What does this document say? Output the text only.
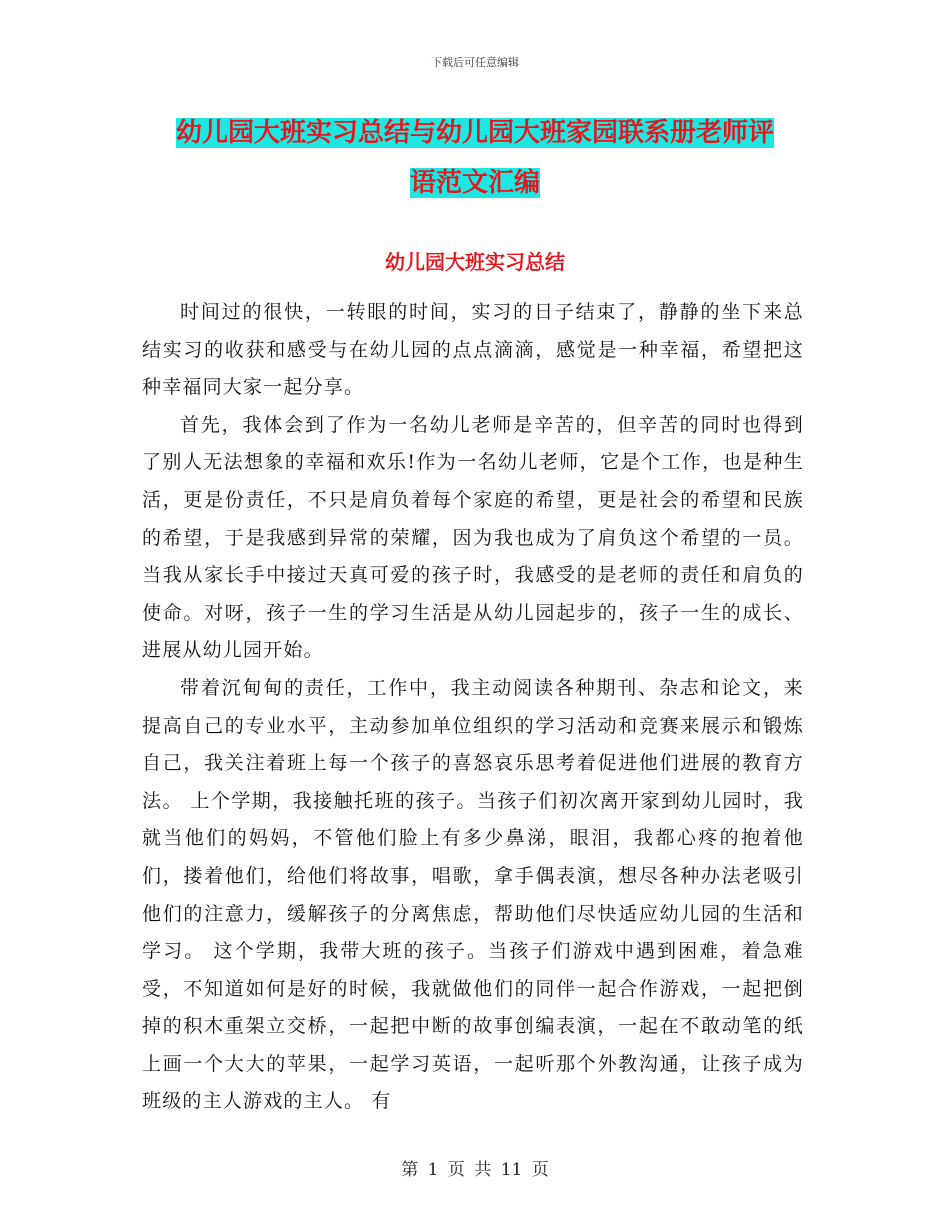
下载后可任意编辑
幼儿园大班实习总结与幼儿园大班家园联系册老师评
语范文汇编
幼儿园大班实习总结

时间过的很快，一转眼的时间，实习的日子结束了，静静的坐下来总结实习的收获和感受与在幼儿园的点点滴滴，感觉是一种幸福，希望把这种幸福同大家一起分享。

首先，我体会到了作为一名幼儿老师是辛苦的，但辛苦的同时也得到了别人无法想象的幸福和欢乐!作为一名幼儿老师，它是个工作，也是种生活，更是份责任，不只是肩负着每个家庭的希望，更是社会的希望和民族的希望，于是我感到异常的荣耀，因为我也成为了肩负这个希望的一员。 当我从家长手中接过天真可爱的孩子时，我感受的是老师的责任和肩负的使命。对呀，孩子一生的学习生活是从幼儿园起步的，孩子一生的成长、进展从幼儿园开始。

带着沉甸甸的责任，工作中，我主动阅读各种期刊、杂志和论文，来提高自己的专业水平，主动参加单位组织的学习活动和竞赛来展示和锻炼自己，我关注着班上每一个孩子的喜怒哀乐思考着促进他们进展的教育方法。 上个学期，我接触托班的孩子。当孩子们初次离开家到幼儿园时，我就当他们的妈妈，不管他们脸上有多少鼻涕，眼泪，我都心疼的抱着他们，搂着他们，给他们将故事，唱歌，拿手偶表演，想尽各种办法老吸引他们的注意力，缓解孩子的分离焦虑，帮助他们尽快适应幼儿园的生活和学习。 这个学期，我带大班的孩子。当孩子们游戏中遇到困难，着急难受，不知道如何是好的时候，我就做他们的同伴一起合作游戏，一起把倒掉的积木重架立交桥，一起把中断的故事创编表演，一起在不敢动笔的纸上画一个大大的苹果，一起学习英语，一起听那个外教沟通，让孩子成为班级的主人游戏的主人。 有

第 1 页 共 11 页
